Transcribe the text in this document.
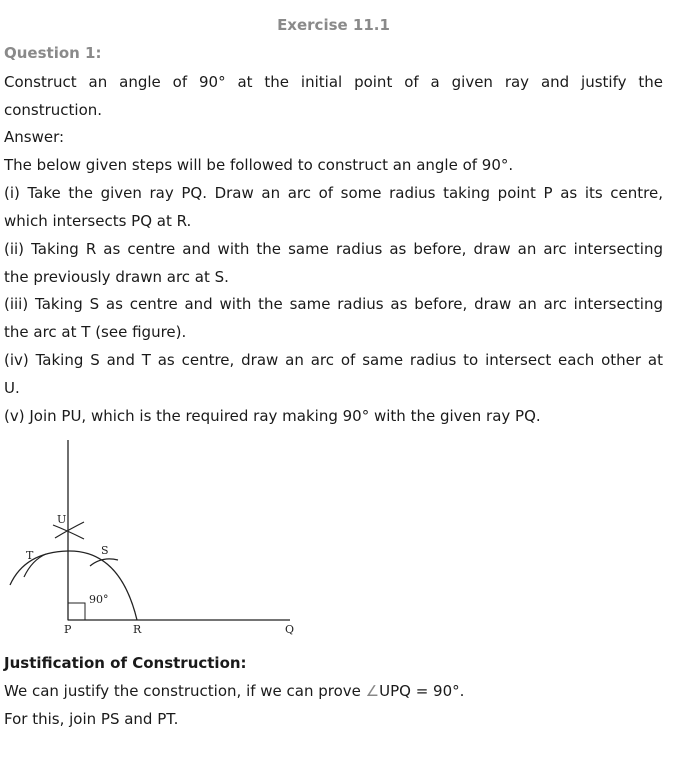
Exercise 11.1
Question 1:
Construct an angle of 90° at the initial point of a given ray and justify the
construction.
Answer:
The below given steps will be followed to construct an angle of 90°.
(i) Take the given ray PQ. Draw an arc of some radius taking point P as its centre,
which intersects PQ at R.
(ii) Taking R as centre and with the same radius as before, draw an arc intersecting
the previously drawn arc at S.
(iii) Taking S as centre and with the same radius as before, draw an arc intersecting
the arc at T (see figure).
(iv) Taking S and T as centre, draw an arc of same radius to intersect each other at
U.
(v) Join PU, which is the required ray making 90° with the given ray PQ.
U
T	S
90°
P	R	Q
Justification of Construction:
We can justify the construction, if we can prove ∠UPQ = 90°.
For this, join PS and PT.
